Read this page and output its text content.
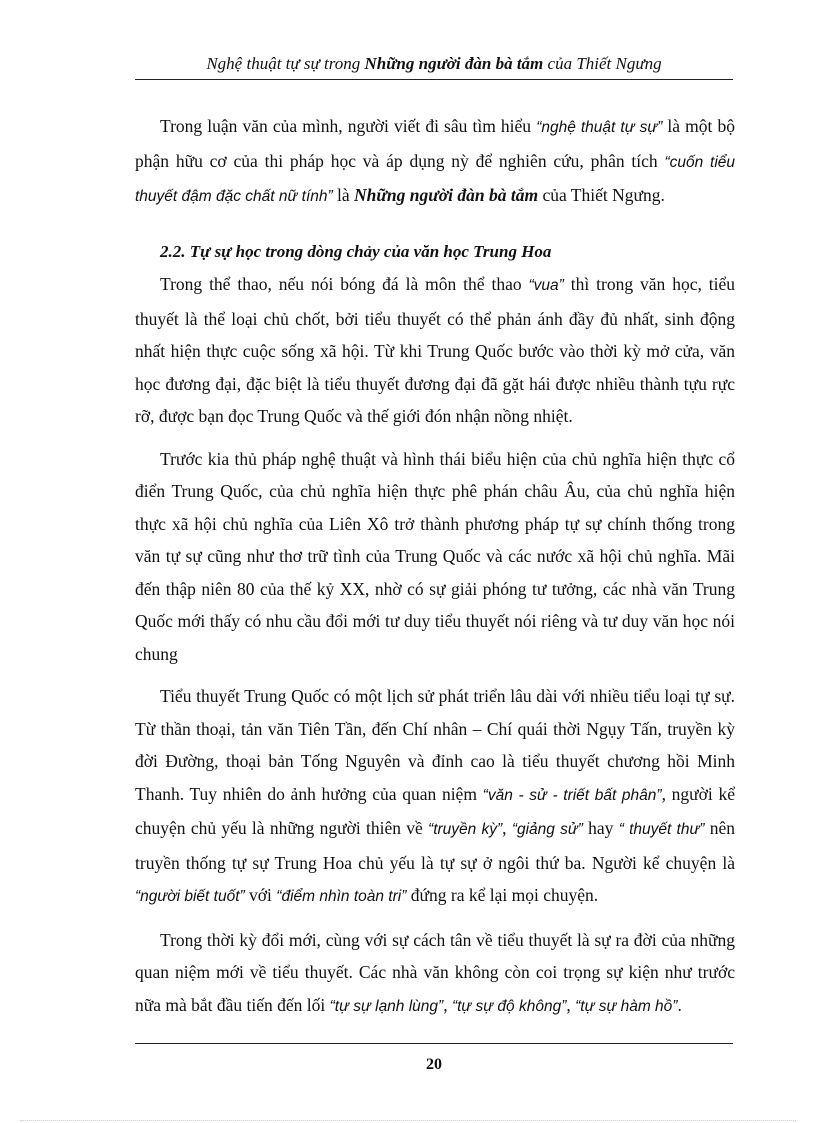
Nghệ thuật tự sự trong Những người đàn bà tắm của Thiết Ngưng

Trong luận văn của mình, người viết đi sâu tìm hiểu “nghệ thuật tự sự” là một bộ phận hữu cơ của thi pháp học và áp dụng nỳ để nghiên cứu, phân tích “cuốn tiểu thuyết đậm đặc chất nữ tính” là Những người đàn bà tắm của Thiết Ngưng.

2.2. Tự sự học trong dòng chảy của văn học Trung Hoa

Trong thể thao, nếu nói bóng đá là môn thể thao “vua” thì trong văn học, tiểu thuyết là thể loại chủ chốt, bởi tiểu thuyết có thể phản ánh đầy đủ nhất, sinh động nhất hiện thực cuộc sống xã hội. Từ khi Trung Quốc bước vào thời kỳ mở cửa, văn học đương đại, đặc biệt là tiểu thuyết đương đại đã gặt hái được nhiều thành tựu rực rỡ, được bạn đọc Trung Quốc và thế giới đón nhận nồng nhiệt.

Trước kia thủ pháp nghệ thuật và hình thái biểu hiện của chủ nghĩa hiện thực cổ điển Trung Quốc, của chủ nghĩa hiện thực phê phán châu Âu, của chủ nghĩa hiện thực xã hội chủ nghĩa của Liên Xô trở thành phương pháp tự sự chính thống trong văn tự sự cũng như thơ trữ tình của Trung Quốc và các nước xã hội chủ nghĩa. Mãi đến thập niên 80 của thế kỷ XX, nhờ có sự giải phóng tư tưởng, các nhà văn Trung Quốc mới thấy có nhu cầu đổi mới tư duy tiểu thuyết nói riêng và tư duy văn học nói chung

Tiểu thuyết Trung Quốc có một lịch sử phát triển lâu dài với nhiều tiểu loại tự sự. Từ thần thoại, tản văn Tiên Tần, đến Chí nhân – Chí quái thời Ngụy Tấn, truyền kỳ đời Đường, thoại bản Tống Nguyên và đỉnh cao là tiểu thuyết chương hồi Minh Thanh. Tuy nhiên do ảnh hưởng của quan niệm “văn - sử - triết bất phân”, người kể chuyện chủ yếu là những người thiên về “truyền kỳ”, “giảng sử” hay “ thuyết thư” nên truyền thống tự sự Trung Hoa chủ yếu là tự sự ở ngôi thứ ba. Người kể chuyện là “người biết tuốt” với “điểm nhìn toàn tri” đứng ra kể lại mọi chuyện.

Trong thời kỳ đổi mới, cùng với sự cách tân về tiểu thuyết là sự ra đời của những quan niệm mới về tiểu thuyết. Các nhà văn không còn coi trọng sự kiện như trước nữa mà bắt đầu tiến đến lối “tự sự lạnh lùng”, “tự sự độ không”, “tự sự hàm hồ”.

20
